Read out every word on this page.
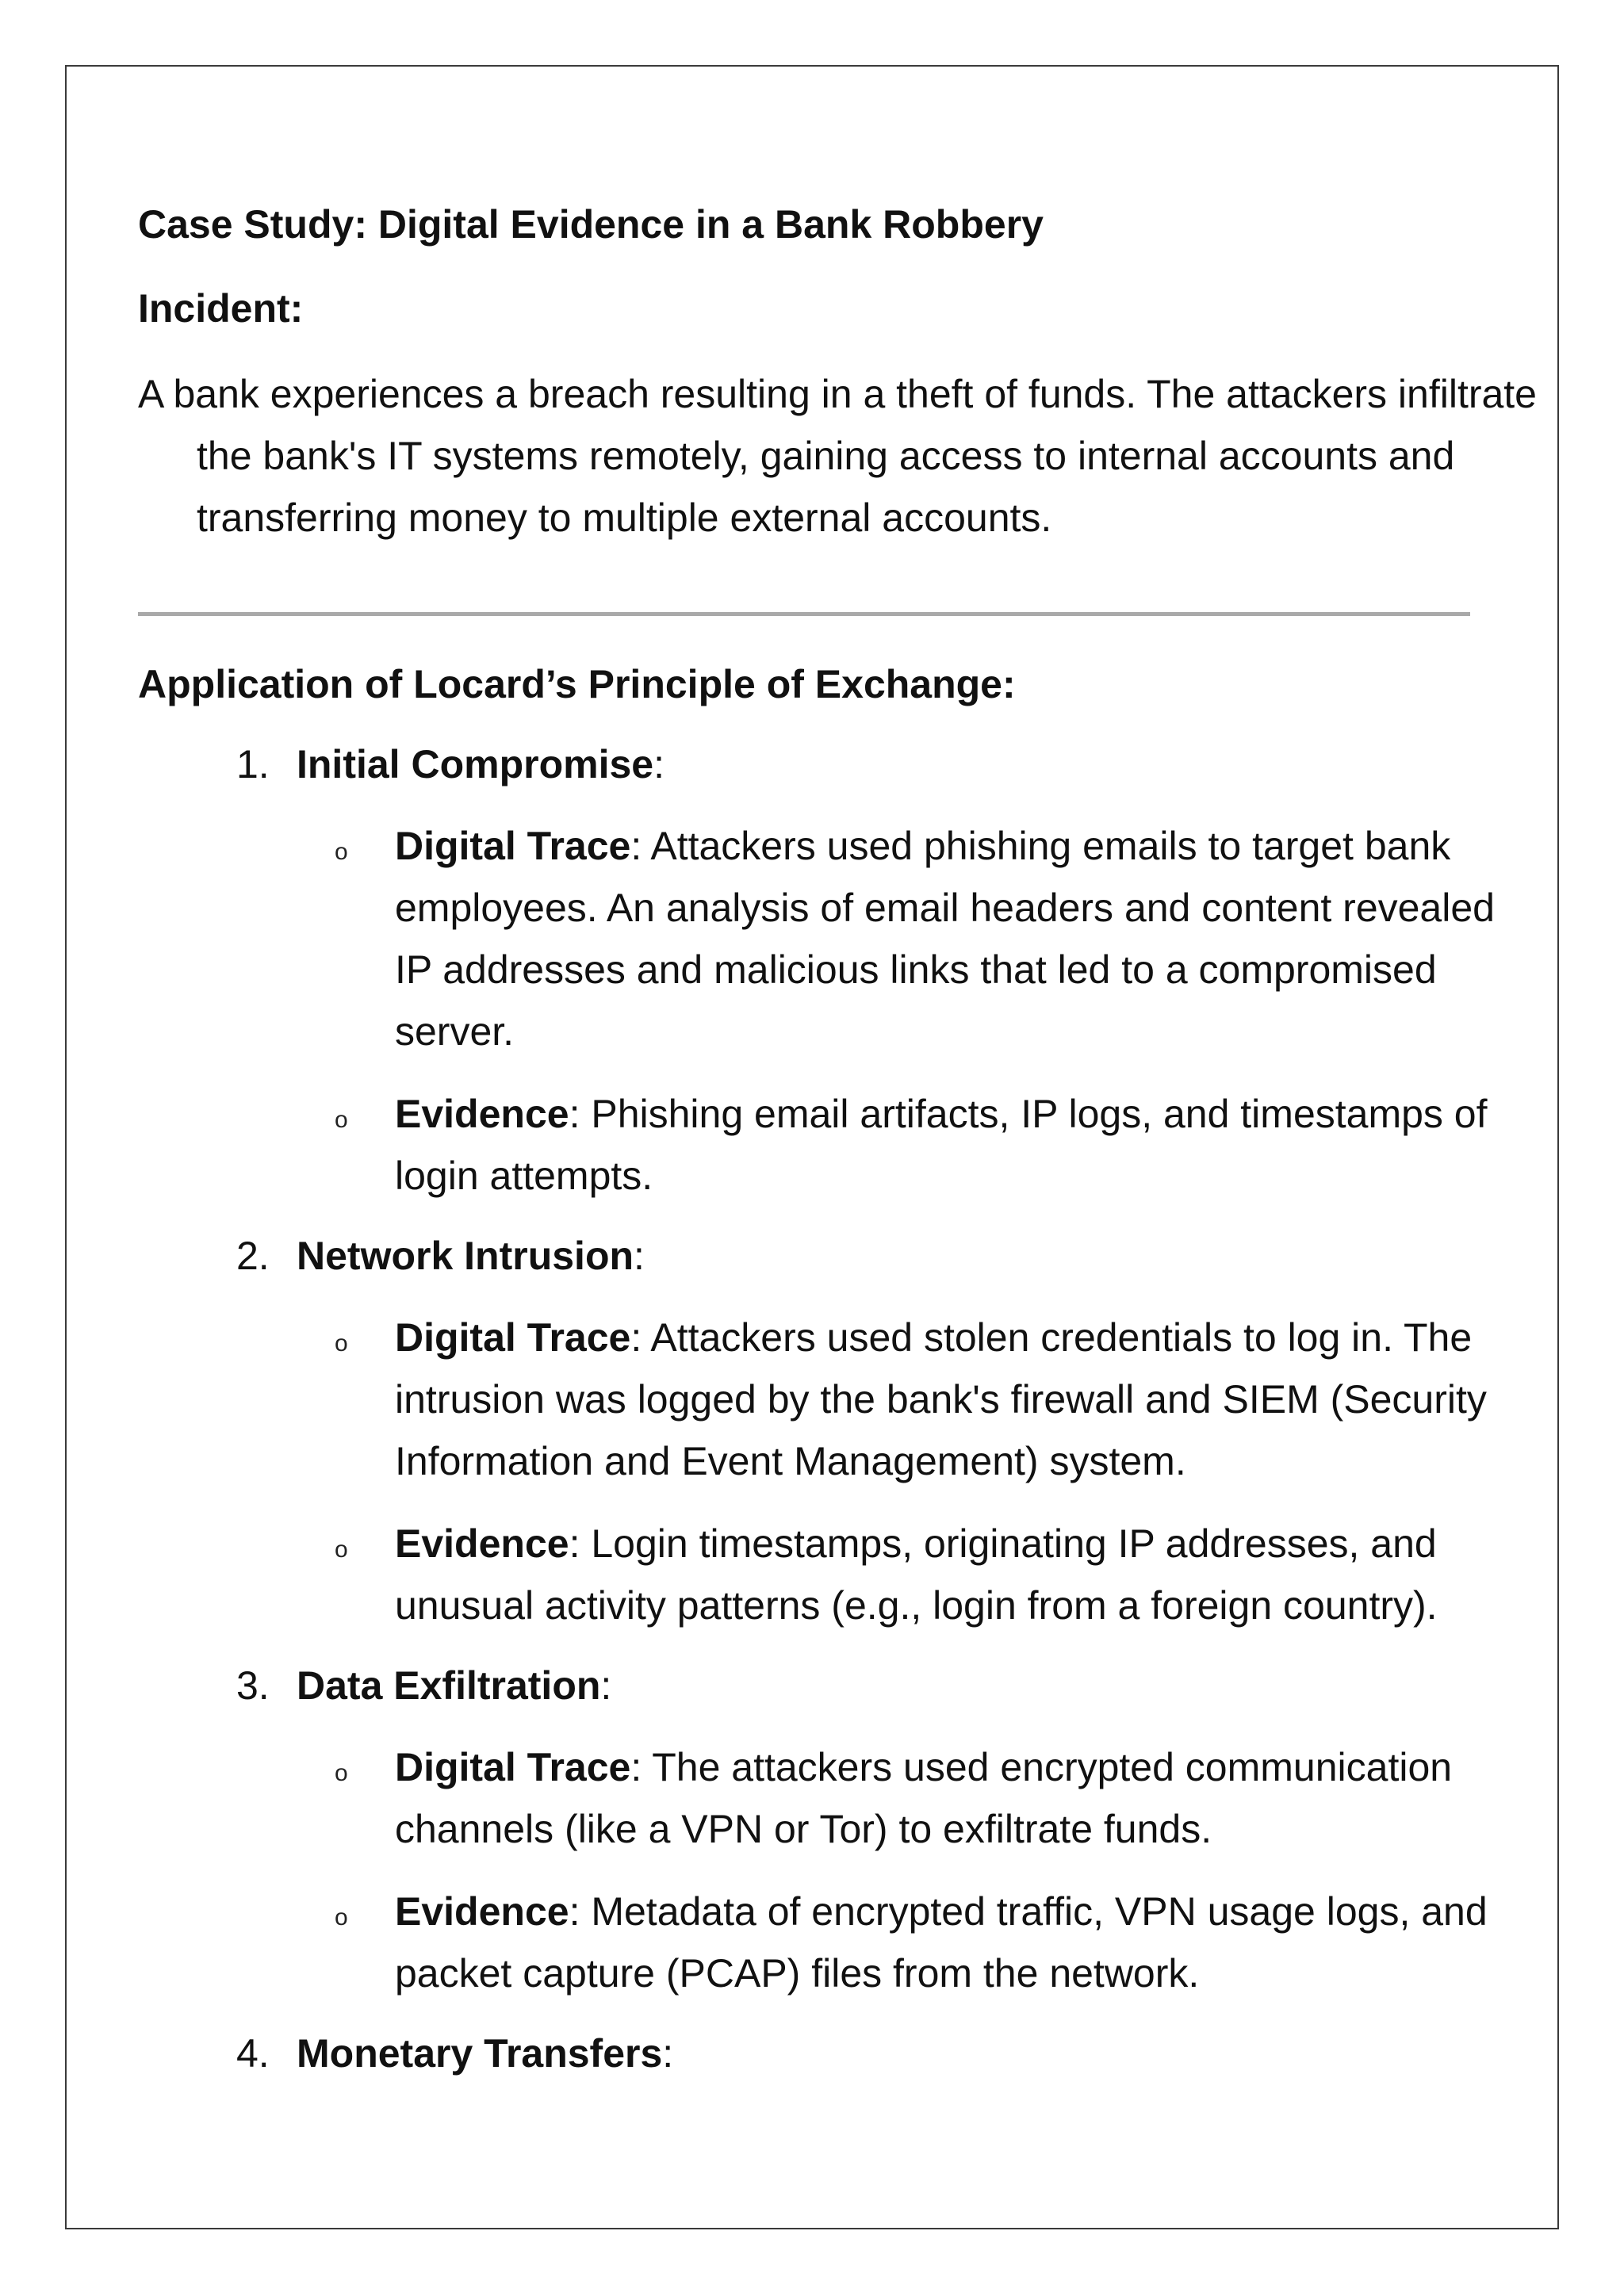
Case Study: Digital Evidence in a Bank Robbery
Incident:
A bank experiences a breach resulting in a theft of funds. The attackers infiltrate the bank's IT systems remotely, gaining access to internal accounts and transferring money to multiple external accounts.
Application of Locard’s Principle of Exchange:
1. Initial Compromise:
o Digital Trace: Attackers used phishing emails to target bank employees. An analysis of email headers and content revealed IP addresses and malicious links that led to a compromised server.
o Evidence: Phishing email artifacts, IP logs, and timestamps of login attempts.
2. Network Intrusion:
o Digital Trace: Attackers used stolen credentials to log in. The intrusion was logged by the bank's firewall and SIEM (Security Information and Event Management) system.
o Evidence: Login timestamps, originating IP addresses, and unusual activity patterns (e.g., login from a foreign country).
3. Data Exfiltration:
o Digital Trace: The attackers used encrypted communication channels (like a VPN or Tor) to exfiltrate funds.
o Evidence: Metadata of encrypted traffic, VPN usage logs, and packet capture (PCAP) files from the network.
4. Monetary Transfers:
